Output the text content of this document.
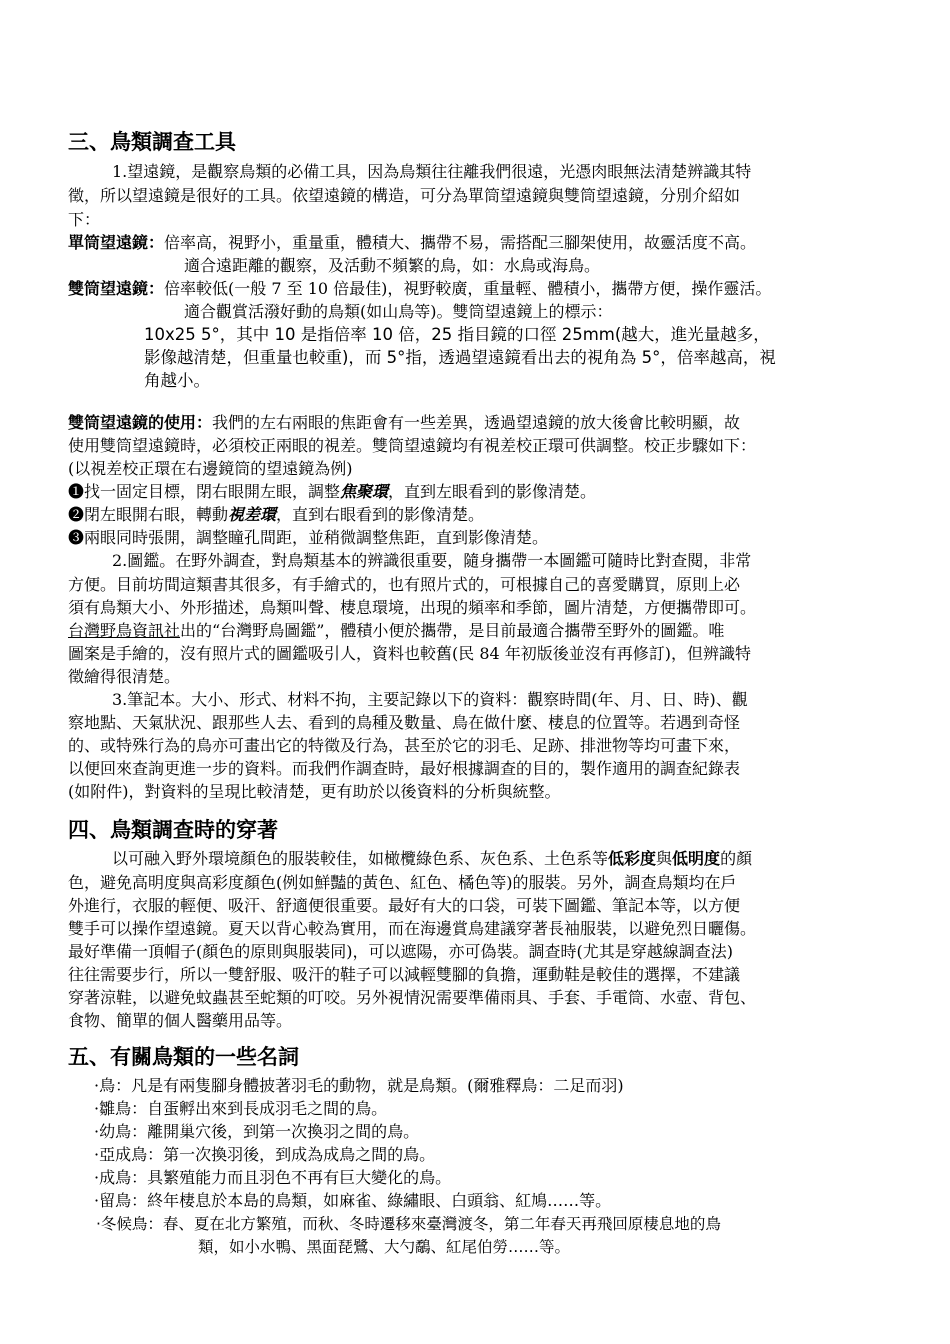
三、鳥類調查工具
1.望遠鏡，是觀察鳥類的必備工具，因為鳥類往往離我們很遠，光憑肉眼無法清楚辨識其特
徵，所以望遠鏡是很好的工具。依望遠鏡的構造，可分為單筒望遠鏡與雙筒望遠鏡，分別介紹如
下：
單筒望遠鏡：倍率高，視野小，重量重，體積大、攜帶不易，需搭配三腳架使用，故靈活度不高。
適合遠距離的觀察，及活動不頻繁的鳥，如：水鳥或海鳥。
雙筒望遠鏡：倍率較低(一般 7 至 10 倍最佳)，視野較廣，重量輕、體積小，攜帶方便，操作靈活。
適合觀賞活潑好動的鳥類(如山鳥等)。雙筒望遠鏡上的標示：
10x25 5°，其中 10 是指倍率 10 倍，25 指目鏡的口徑 25mm(越大，進光量越多，
影像越清楚，但重量也較重)，而 5°指，透過望遠鏡看出去的視角為 5°，倍率越高，視
角越小。
雙筒望遠鏡的使用：我們的左右兩眼的焦距會有一些差異，透過望遠鏡的放大後會比較明顯，故
使用雙筒望遠鏡時，必須校正兩眼的視差。雙筒望遠鏡均有視差校正環可供調整。校正步驟如下：
(以視差校正環在右邊鏡筒的望遠鏡為例)
❶找一固定目標，閉右眼開左眼，調整焦聚環，直到左眼看到的影像清楚。
❷閉左眼開右眼，轉動視差環，直到右眼看到的影像清楚。
❸兩眼同時張開，調整瞳孔間距，並稍微調整焦距，直到影像清楚。
2.圖鑑。在野外調查，對鳥類基本的辨識很重要，隨身攜帶一本圖鑑可隨時比對查閱，非常
方便。目前坊間這類書其很多，有手繪式的，也有照片式的，可根據自己的喜愛購買，原則上必
須有鳥類大小、外形描述，鳥類叫聲、棲息環境，出現的頻率和季節，圖片清楚，方便攜帶即可。
台灣野鳥資訊社出的“台灣野鳥圖鑑”，體積小便於攜帶，是目前最適合攜帶至野外的圖鑑。唯
圖案是手繪的，沒有照片式的圖鑑吸引人，資料也較舊(民 84 年初版後並沒有再修訂)，但辨識特
徵繪得很清楚。
3.筆記本。大小、形式、材料不拘，主要記錄以下的資料：觀察時間(年、月、日、時)、觀
察地點、天氣狀況、跟那些人去、看到的鳥種及數量、鳥在做什麼、棲息的位置等。若遇到奇怪
的、或特殊行為的鳥亦可畫出它的特徵及行為，甚至於它的羽毛、足跡、排泄物等均可畫下來，
以便回來查詢更進一步的資料。而我們作調查時，最好根據調查的目的，製作適用的調查紀錄表
(如附件)，對資料的呈現比較清楚，更有助於以後資料的分析與統整。
四、鳥類調查時的穿著
以可融入野外環境顏色的服裝較佳，如橄欖綠色系、灰色系、土色系等低彩度與低明度的顏
色，避免高明度與高彩度顏色(例如鮮豔的黃色、紅色、橘色等)的服裝。另外，調查鳥類均在戶
外進行，衣服的輕便、吸汗、舒適便很重要。最好有大的口袋，可裝下圖鑑、筆記本等，以方便
雙手可以操作望遠鏡。夏天以背心較為實用，而在海邊賞鳥建議穿著長袖服裝，以避免烈日曬傷。
最好準備一頂帽子(顏色的原則與服裝同)，可以遮陽，亦可偽裝。調查時(尤其是穿越線調查法)
往往需要步行，所以一雙舒服、吸汗的鞋子可以減輕雙腳的負擔，運動鞋是較佳的選擇，不建議
穿著涼鞋，以避免蚊蟲甚至蛇類的叮咬。另外視情況需要準備雨具、手套、手電筒、水壺、背包、
食物、簡單的個人醫藥用品等。
五、有關鳥類的一些名詞
·鳥：凡是有兩隻腳身體披著羽毛的動物，就是鳥類。(爾雅釋鳥：二足而羽)
·雛鳥：自蛋孵出來到長成羽毛之間的鳥。
·幼鳥：離開巢穴後，到第一次換羽之間的鳥。
·亞成鳥：第一次換羽後，到成為成鳥之間的鳥。
·成鳥：具繁殖能力而且羽色不再有巨大變化的鳥。
·留鳥：終年棲息於本島的鳥類，如麻雀、綠繡眼、白頭翁、紅鳩……等。
·冬候鳥：春、夏在北方繁殖，而秋、冬時遷移來臺灣渡冬，第二年春天再飛回原棲息地的鳥
類，如小水鴨、黑面琵鷺、大勺鷸、紅尾伯勞……等。
